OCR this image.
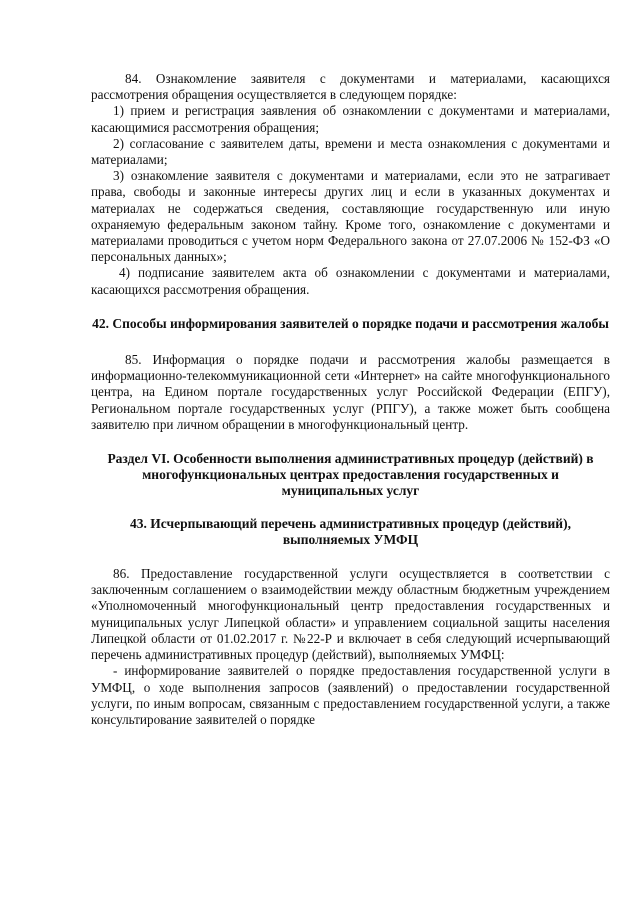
84. Ознакомление заявителя с документами и материалами, касающихся рассмотрения обращения осуществляется в следующем порядке:

1) прием и регистрация заявления об ознакомлении с документами и материалами, касающимися рассмотрения обращения;

2) согласование с заявителем даты, времени и места ознакомления с документами и материалами;

3) ознакомление заявителя с документами и материалами, если это не затрагивает права, свободы и законные интересы других лиц и если в указанных документах и материалах не содержаться сведения, составляющие государственную или иную охраняемую федеральным законом тайну. Кроме того, ознакомление с документами и материалами проводиться с учетом норм Федерального закона от 27.07.2006 № 152-ФЗ «О персональных данных»;

4) подписание заявителем акта об ознакомлении с документами и материалами, касающихся рассмотрения обращения.

42. Способы информирования заявителей о порядке подачи и рассмотрения жалобы

85. Информация о порядке подачи и рассмотрения жалобы размещается в информационно-телекоммуникационной сети «Интернет» на сайте многофункционального центра, на Едином портале государственных услуг Российской Федерации (ЕПГУ), Региональном портале государственных услуг (РПГУ), а также может быть сообщена заявителю при личном обращении в многофункциональный центр.

Раздел VI. Особенности выполнения административных процедур (действий) в многофункциональных центрах предоставления государственных и муниципальных услуг
43. Исчерпывающий перечень административных процедур (действий), выполняемых УМФЦ

86. Предоставление государственной услуги осуществляется в соответствии с заключенным соглашением о взаимодействии между областным бюджетным учреждением «Уполномоченный многофункциональный центр предоставления государственных и муниципальных услуг Липецкой области» и управлением социальной защиты населения Липецкой области от 01.02.2017 г. №22-Р и включает в себя следующий исчерпывающий перечень административных процедур (действий), выполняемых УМФЦ:

- информирование заявителей о порядке предоставления государственной услуги в УМФЦ, о ходе выполнения запросов (заявлений) о предоставлении государственной услуги, по иным вопросам, связанным с предоставлением государственной услуги, а также консультирование заявителей о порядке
